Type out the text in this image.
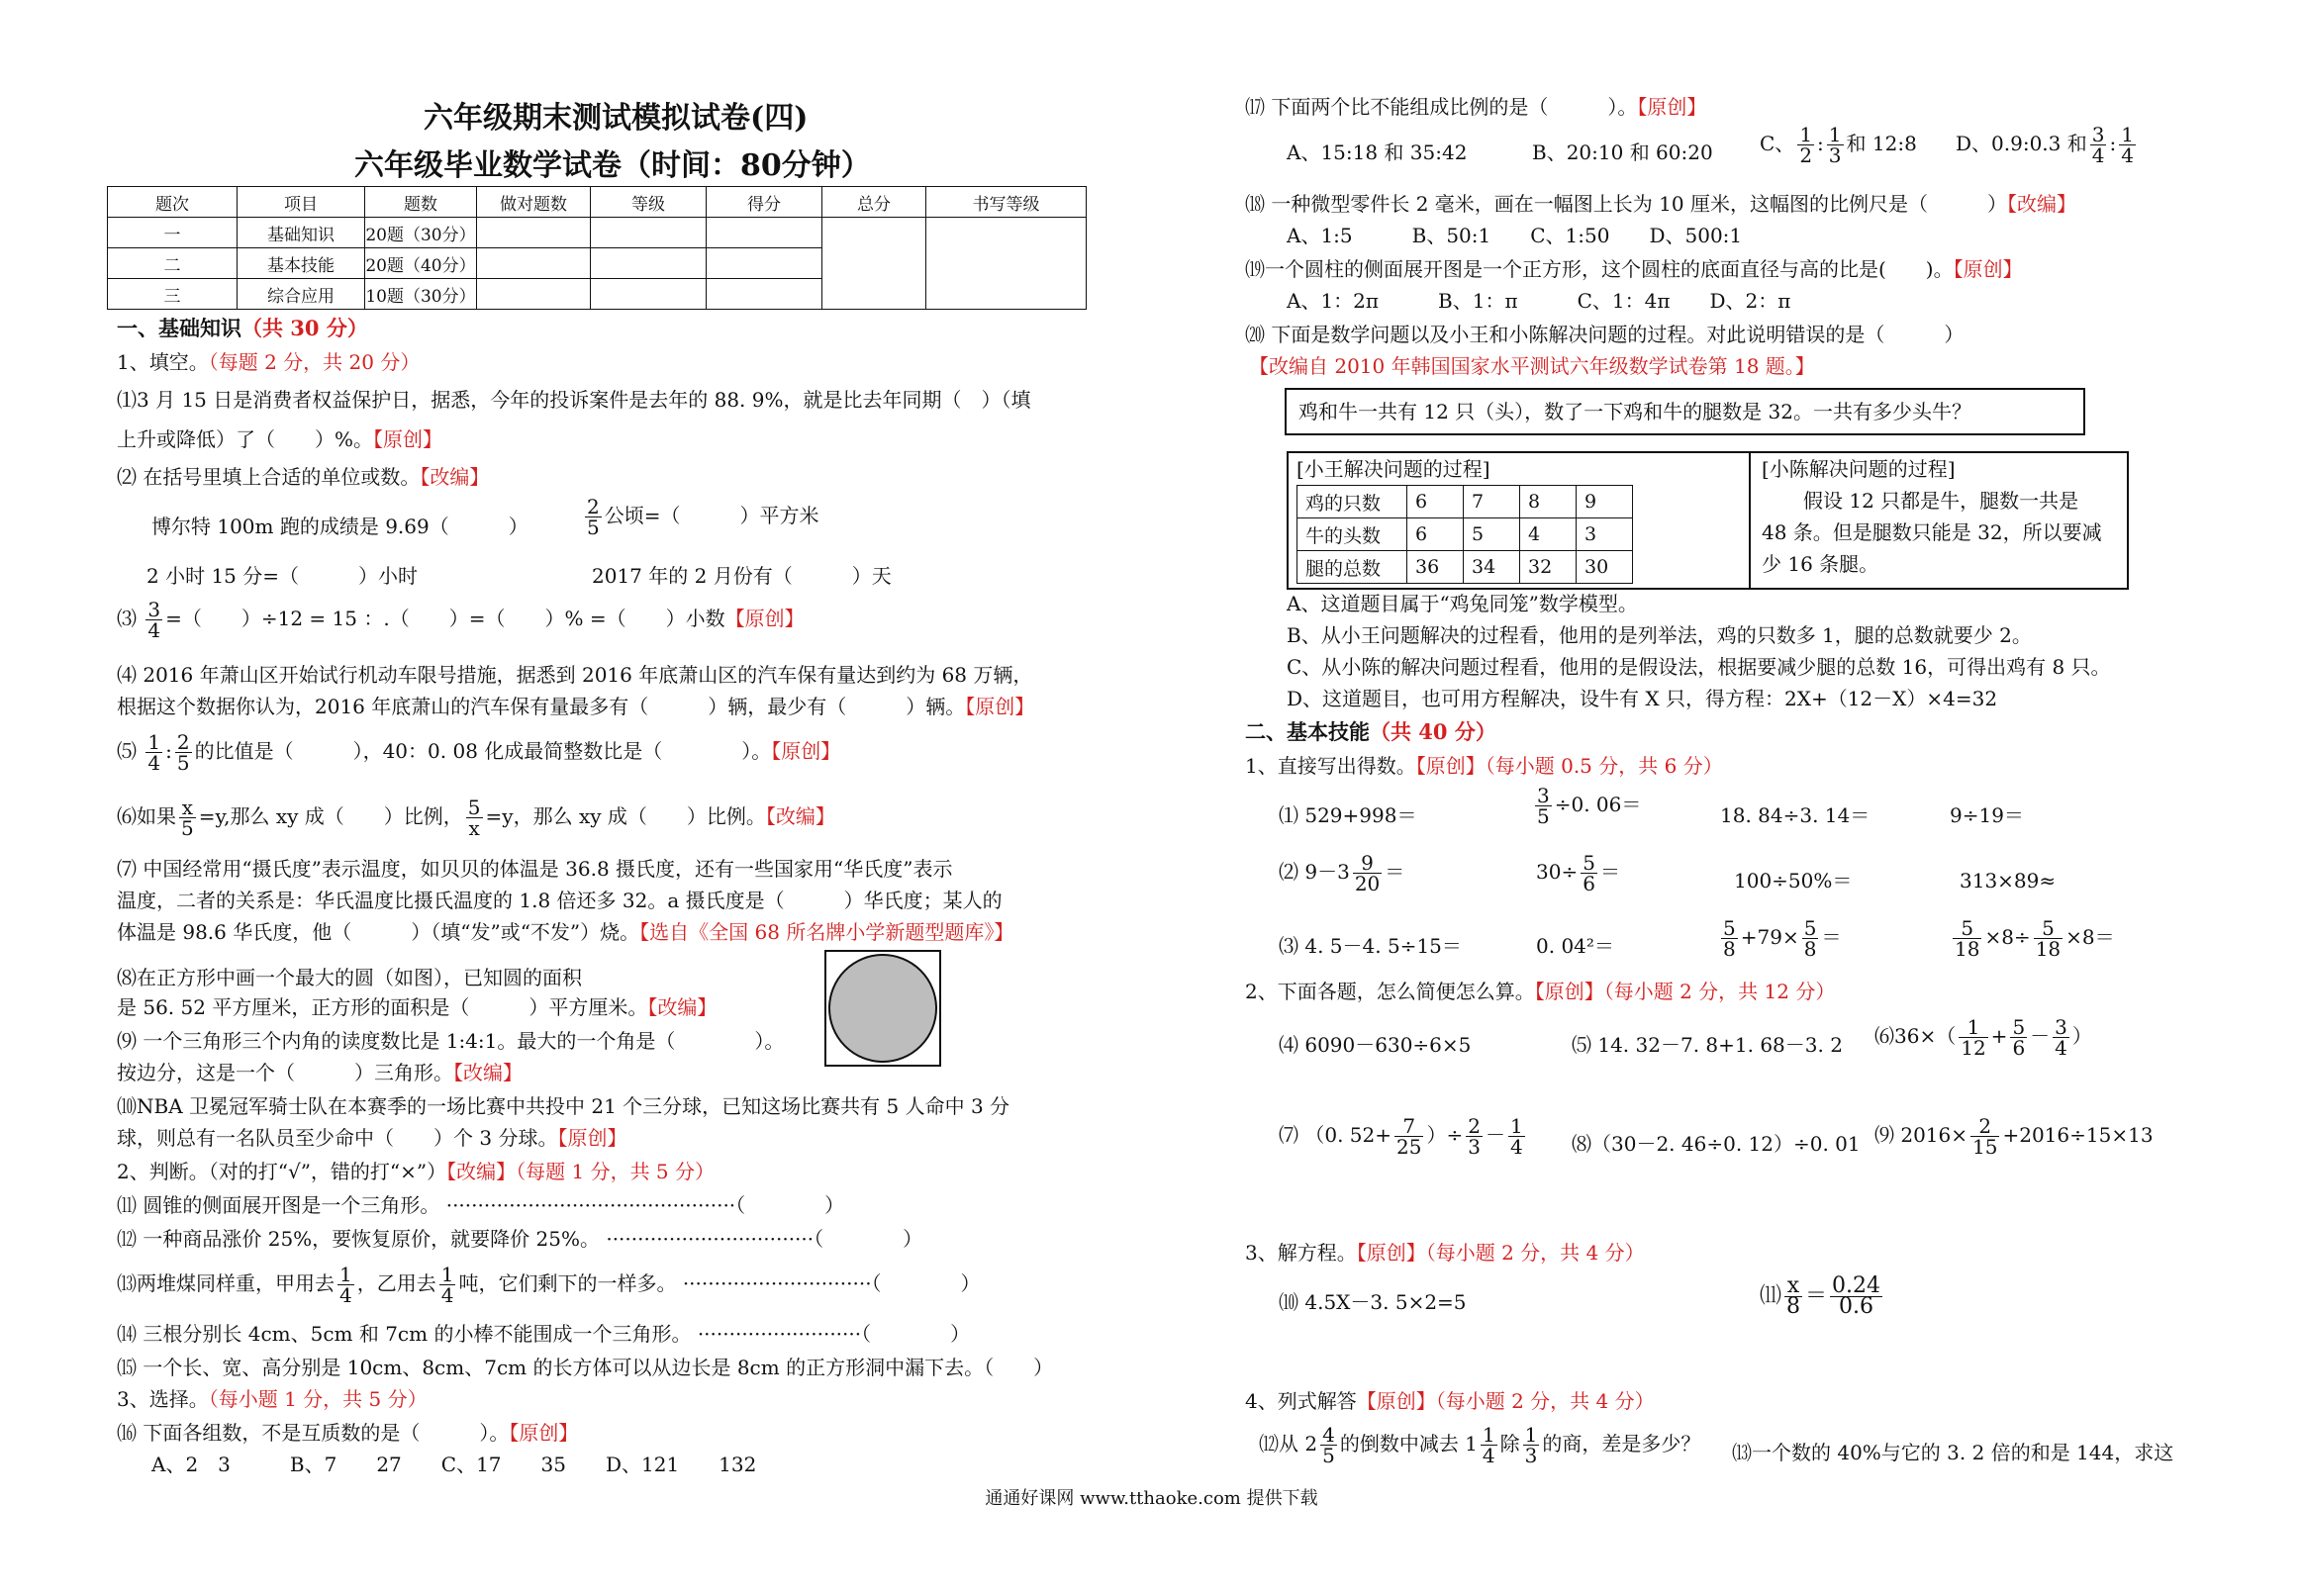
六年级期末测试模拟试卷(四)
六年级毕业数学试卷（时间：80分钟）
题次	项目	题数	做对题数	等级	得分	总分	书写等级
一	基础知识	20题（30分）					
二	基本技能	20题（40分）					
三	综合应用	10题（30分）					
一、基础知识（共 30 分）
1、填空。（每题 2 分，共 20 分）
⑴3 月 15 日是消费者权益保护日，据悉，今年的投诉案件是去年的 88. 9%，就是比去年同期（　）（填
上升或降低）了（　　）%。【原创】
⑵ 在括号里填上合适的单位或数。【改编】
博尔特 100m 跑的成绩是 9.69（　　　）	$\frac{2}{5}$ 公顷=（　　　）平方米
2 小时 15 分=（　　　）小时	2017 年的 2 月份有（　　　）天
⑶ $\frac{3}{4}$ =（　　）÷12 = 15 ：.（　　）=（　　）% =（　　）小数【原创】
⑷ 2016 年萧山区开始试行机动车限号措施，据悉到 2016 年底萧山区的汽车保有量达到约为 68 万辆，
根据这个数据你认为，2016 年底萧山的汽车保有量最多有（　　　）辆，最少有（　　　）辆。【原创】
⑸ $\frac{1}{4}$ : $\frac{2}{5}$ 的比值是（　　　），40：0. 08 化成最简整数比是（　　　　）。【原创】
⑹如果 $\frac{x}{5} =y$,那么 xy 成（　　）比例， $\frac{5}{x} =y$，那么 xy 成（　　）比例。【改编】
⑺ 中国经常用“摄氏度”表示温度，如贝贝的体温是 36.8 摄氏度，还有一些国家用“华氏度”表示
温度，二者的关系是：华氏温度比摄氏温度的 1.8 倍还多 32。a 摄氏度是（　　　）华氏度；某人的
体温是 98.6 华氏度，他（　　　）（填“发”或“不发”）烧。【选自《全国 68 所名牌小学新题型题库》】
⑻在正方形中画一个最大的圆（如图），已知圆的面积
是 56. 52 平方厘米，正方形的面积是（　　　）平方厘米。【改编】
⑼ 一个三角形三个内角的读度数比是 1:4:1。最大的一个角是（　　　　）。
按边分，这是一个（　　　）三角形。【改编】
⑽NBA 卫冕冠军骑士队在本赛季的一场比赛中共投中 21 个三分球，已知这场比赛共有 5 人命中 3 分
球，则总有一名队员至少命中（　　）个 3 分球。【原创】
2、判断。（对的打“√”，错的打“×”）【改编】（每题 1 分，共 5 分）
⑾ 圆锥的侧面展开图是一个三角形。 ··············································（　　　　）
⑿ 一种商品涨价 25%，要恢复原价，就要降价 25%。 ·································（　　　　）
⒀两堆煤同样重，甲用去 $\frac{1}{4}$ ，乙用去 $\frac{1}{4}$ 吨，它们剩下的一样多。 ······························（　　　　）
⒁ 三根分别长 4cm、5cm 和 7cm 的小棒不能围成一个三角形。 ··························（　　　　）
⒂ 一个长、宽、高分别是 10cm、8cm、7cm 的长方体可以从边长是 8cm 的正方形洞中漏下去。（　　）
3、选择。（每小题 1 分，共 5 分）
⒃ 下面各组数，不是互质数的是（　　　）。【原创】
A、2　3　　　B、7　　27　　C、17　　35　　D、121　　132
⒄ 下面两个比不能组成比例的是（　　　）。【原创】
A、15:18 和 35:42	B、20:10 和 60:20 C、 $\frac{1}{2}$ : $\frac{1}{3}$ 和 12:8 D、0.9:0.3 和 $\frac{3}{4}$ : $\frac{1}{4}$
⒅ 一种微型零件长 2 毫米，画在一幅图上长为 10 厘米，这幅图的比例尺是（　　　）【改编】
A、1:5　　　B、50:1　　C、1:50　　D、500:1
⒆一个圆柱的侧面展开图是一个正方形，这个圆柱的底面直径与高的比是(　　)。【原创】
A、1：2π　　　B、1：π　　　C、1：4π　　D、2：π
⒇ 下面是数学问题以及小王和小陈解决问题的过程。对此说明错误的是（　　　）
【改编自 2010 年韩国国家水平测试六年级数学试卷第 18 题。】
鸡和牛一共有 12 只（头），数了一下鸡和牛的腿数是 32。一共有多少头牛？
[小王解决问题的过程]
鸡的只数	6	7	8	9
牛的头数	6	5	4	3
腿的总数	36	34	32	30
[小陈解决问题的过程]
假设 12 只都是牛，腿数一共是
48 条。但是腿数只能是 32，所以要减
少 16 条腿。
A、这道题目属于“鸡兔同笼”数学模型。
B、从小王问题解决的过程看，他用的是列举法，鸡的只数多 1，腿的总数就要少 2。
C、从小陈的解决问题过程看，他用的是假设法，根据要减少腿的总数 16，可得出鸡有 8 只。
D、这道题目，也可用方程解决，设牛有 X 只，得方程：2X+（12－X）×4=32
二、基本技能（共 40 分）
1、直接写出得数。【原创】（每小题 0.5 分，共 6 分）
⑴ 529+998＝	$\frac{3}{5} \div 0$. 06＝	18. 84÷3. 14＝	9÷19＝
⑵ $9-3 \frac{9}{20}$ ＝	$30\div \frac{5}{6}$ ＝	100÷50%＝	313×89≈
⑶ 4. 5－4. 5÷15＝	0. 04²＝	$\frac{5}{8} +79\times \frac{5}{8}$ ＝	$\frac{5}{18} \times 8\div \frac{5}{18} \times 8=$
2、下面各题，怎么简便怎么算。【原创】（每小题 2 分，共 12 分）
⑷ 6090－630÷6×5	⑸ 14. 32－7. 8+1. 68－3. 2 ⑹36×（ $\frac{1}{12} + \frac{5}{6} - \frac{3}{4}$ ）
⑺ （0. $52+ \frac{7}{25}$ ）÷ $\frac{2}{3} - \frac{1}{4}$ ⑻（30－2. 46÷0. 12）÷0. 01 ⑼ $2016\times \frac{2}{15} +2016\div 15\times 13$
3、解方程。【原创】（每小题 2 分，共 4 分）
⑽ 4.5X－3. 5×2=5	⑾ $\frac{x}{8} = \frac{0.24}{0.6}$
4、列式解答【原创】（每小题 2 分，共 4 分）
⑿从 $2 \frac{4}{5}$ 的倒数中减去 $1 \frac{1}{4}$ 除 $\frac{1}{3}$ 的商，差是多少？ ⒀一个数的 40%与它的 3. 2 倍的和是 144，求这
通通好课网 www.tthaoke.com 提供下载
